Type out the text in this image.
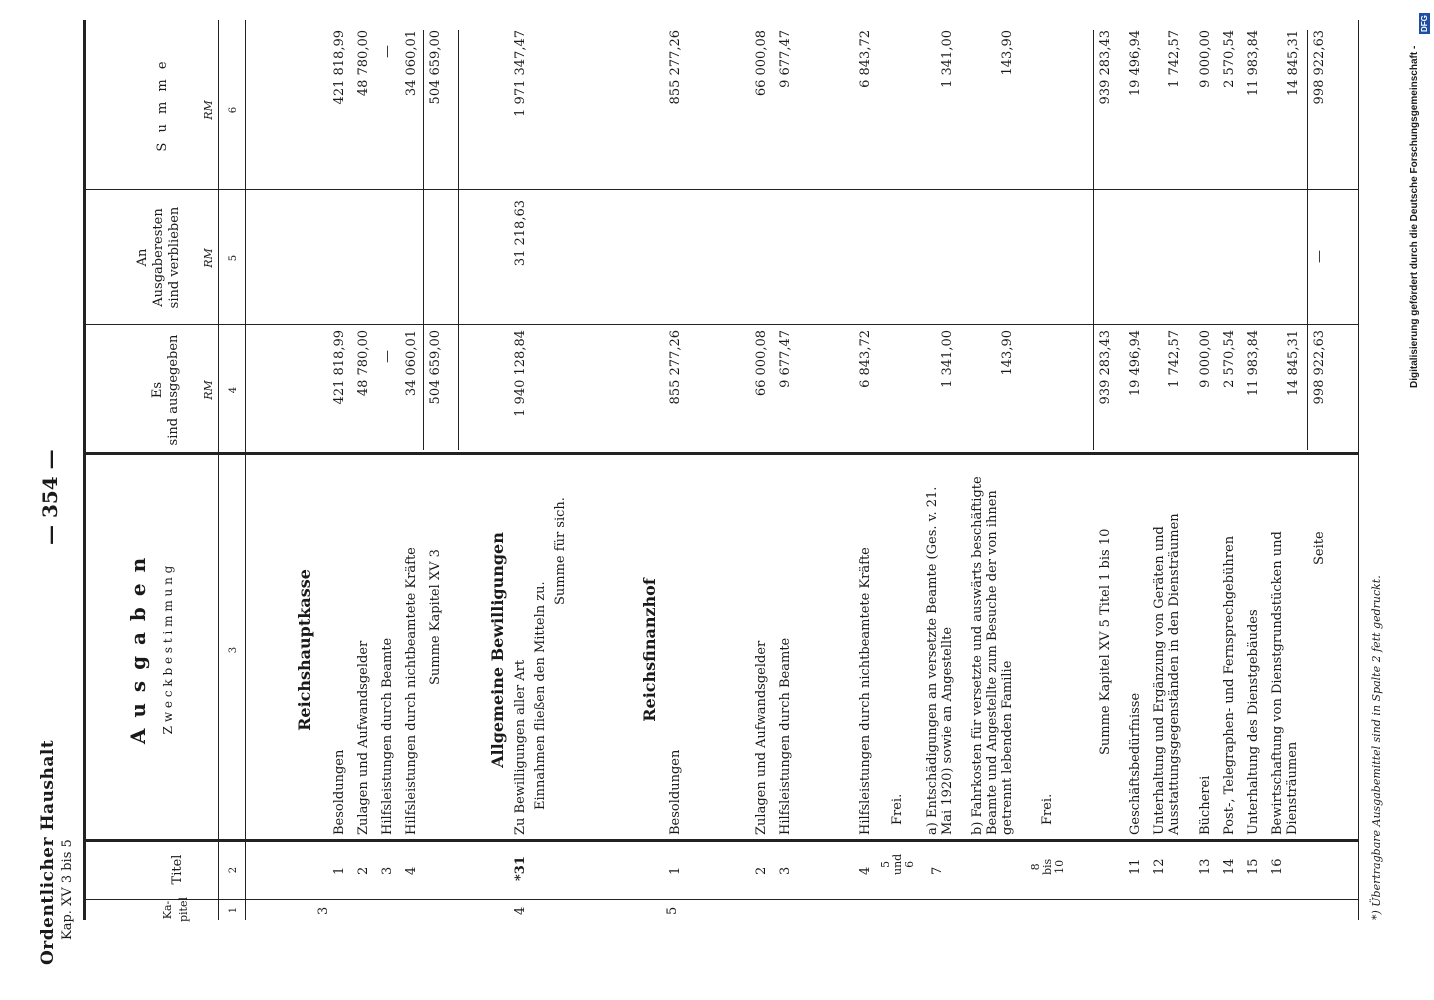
Digitalisierung gefördert durch die Deutsche Forschungsgemeinschaft -
DFG
Ordentlicher Haushalt Kap. XV 3 bis 5
— 354 —
Ka-
pitel
Titel
A u s g a b e n Z w e c k b e s t i m m u n g
Es
sind ausgegeben
An
Ausgaberesten
sind verblieben
S u m m e
RM
RM
RM
1
2
3
4
5
6
3
Reichshauptkasse
1
Besoldungen
421 818,99
421 818,99
2
Zulagen und Aufwandsgelder
48 780,00
48 780,00
3
Hilfsleistungen durch Beamte
—
—
4
Hilfsleistungen durch nichtbeamtete Kräfte
34 060,01
34 060,01
Summe Kapitel XV 3
504 659,00
504 659,00
4
Allgemeine Bewilligungen
*31
Zu Bewilligungen aller Art
1 940 128,84
31 218,63
1 971 347,47
Einnahmen fließen den Mitteln zu.
Summe für sich.
5
Reichsfinanzhof
1
Besoldungen
855 277,26
855 277,26
2
Zulagen und Aufwandsgelder
66 000,08
66 000,08
3
Hilfsleistungen durch Beamte
9 677,47
9 677,47
4
Hilfsleistungen durch nichtbeamtete Kräfte
6 843,72
6 843,72
5
und
6
Frei.
7
a) Entschädigungen an versetzte Beamte (Ges. v. 21. Mai 1920) sowie an Angestellte
1 341,00
1 341,00
b) Fahrkosten für versetzte und auswärts beschäftigte Beamte und Angestellte zum Besuche der von ihnen getrennt lebenden Familie
143,90
143,90
8
bis
10
Frei.
Summe Kapitel XV 5 Titel 1 bis 10
939 283,43
939 283,43
11
Geschäftsbedürfnisse
19 496,94
19 496,94
12
Unterhaltung und Ergänzung von Geräten und Ausstattungsgegenständen in den Diensträumen
1 742,57
1 742,57
13
Bücherei
9 000,00
9 000,00
14
Post-, Telegraphen- und Fernsprechgebühren
2 570,54
2 570,54
15
Unterhaltung des Dienstgebäudes
11 983,84
11 983,84
16
Bewirtschaftung von Dienstgrundstücken und Diensträumen
14 845,31
14 845,31
Seite
998 922,63
—
998 922,63
*) Übertragbare Ausgabemittel sind in Spalte 2 fett gedruckt.
